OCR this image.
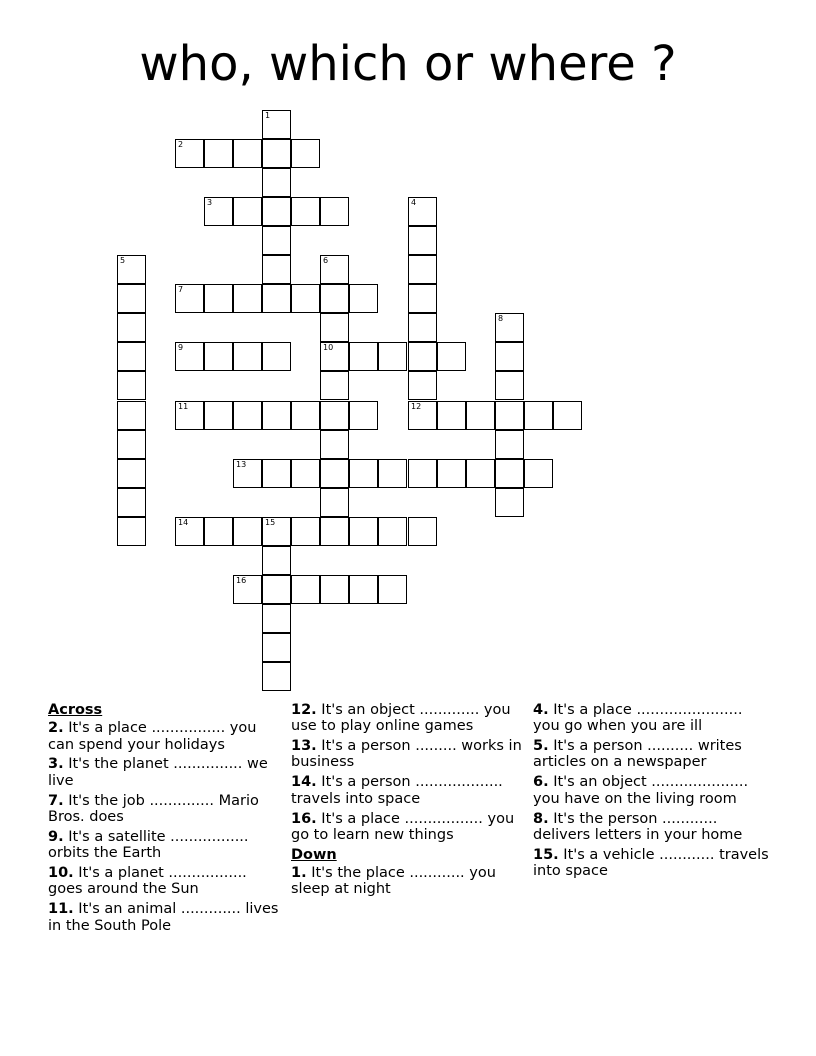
who, which or where ?
1
2
3	4
5	6
7
8
9	10
11	12
13
14	15
16
Across
2. It's a place ................ you can spend your holidays
3. It's the planet ............... we live
7. It's the job .............. Mario Bros. does
9. It's a satellite ................. orbits the Earth
10. It's a planet ................. goes around the Sun
11. It's an animal ............. lives in the South Pole
12. It's an object ............. you use to play online games
13. It's a person ......... works in business
14. It's a person ................... travels into space
16. It's a place ................. you go to learn new things
Down
1. It's the place ............ you sleep at night
4. It's a place ....................... you go when you are ill
5. It's a person .......... writes articles on a newspaper
6. It's an object ..................... you have on the living room
8. It's the person ............ delivers letters in your home
15. It's a vehicle ............ travels into space
